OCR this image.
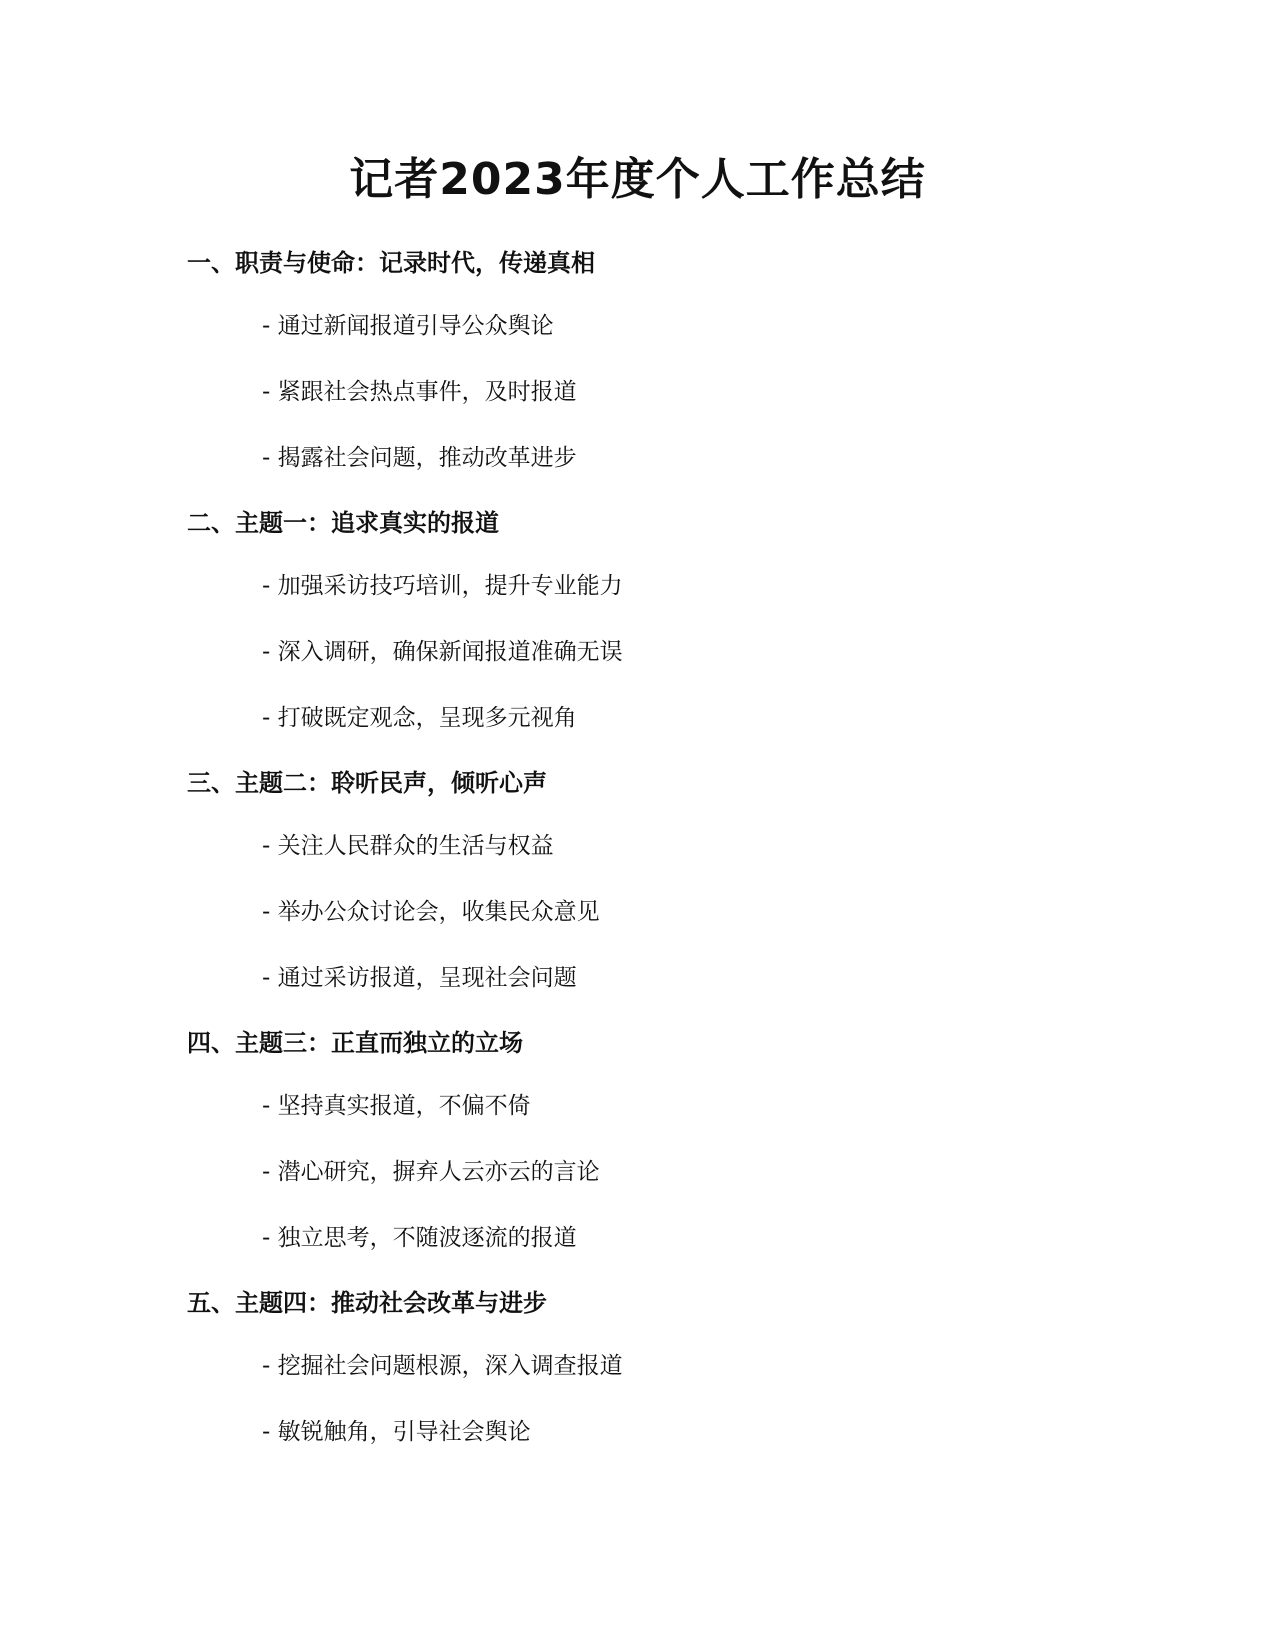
记者2023年度个人工作总结
一、职责与使命：记录时代，传递真相
- 通过新闻报道引导公众舆论
- 紧跟社会热点事件，及时报道
- 揭露社会问题，推动改革进步
二、主题一：追求真实的报道
- 加强采访技巧培训，提升专业能力
- 深入调研，确保新闻报道准确无误
- 打破既定观念，呈现多元视角
三、主题二：聆听民声，倾听心声
- 关注人民群众的生活与权益
- 举办公众讨论会，收集民众意见
- 通过采访报道，呈现社会问题
四、主题三：正直而独立的立场
- 坚持真实报道，不偏不倚
- 潜心研究，摒弃人云亦云的言论
- 独立思考，不随波逐流的报道
五、主题四：推动社会改革与进步
- 挖掘社会问题根源，深入调查报道
- 敏锐触角，引导社会舆论
